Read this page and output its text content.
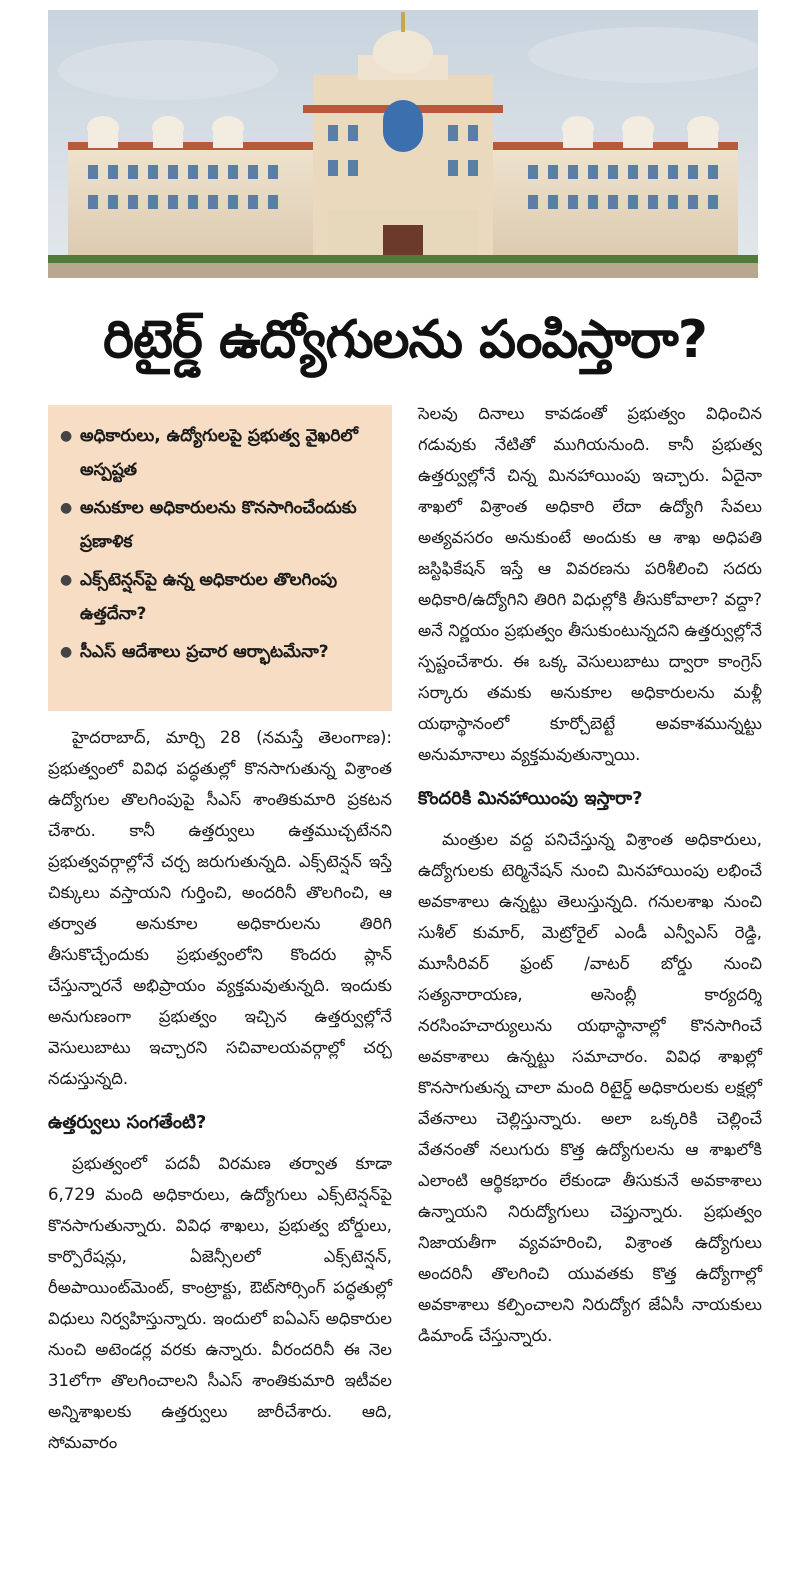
రిటైర్డ్ ఉద్యోగులను పంపిస్తారా?
● అధికారులు, ఉద్యోగులపై ప్రభుత్వ వైఖరిలో అస్పష్టత
● అనుకూల అధికారులను కొనసాగించేందుకు ప్రణాళిక
● ఎక్స్‌టెన్షన్‌పై ఉన్న అధికారుల తొలగింపు ఉత్తదేనా?
● సీఎస్ ఆదేశాలు ప్రచార ఆర్భాటమేనా?

హైదరాబాద్, మార్చి 28 (నమస్తే తెలంగాణ): ప్రభుత్వంలో వివిధ పద్ధతుల్లో కొనసాగుతున్న విశ్రాంత ఉద్యోగుల తొలగింపుపై సీఎస్ శాంతికుమారి ప్రకటన చేశారు. కానీ ఉత్తర్వులు ఉత్తముచ్చటేనని ప్రభుత్వవర్గాల్లోనే చర్చ జరుగుతున్నది. ఎక్స్‌టెన్షన్ ఇస్తే చిక్కులు వస్తాయని గుర్తించి, అందరినీ తొలగించి, ఆ తర్వాత అనుకూల అధికారులను తిరిగి తీసుకొచ్చేందుకు ప్రభుత్వంలోని కొందరు ప్లాన్ చేస్తున్నారనే అభిప్రాయం వ్యక్తమవుతున్నది. ఇందుకు అనుగుణంగా ప్రభుత్వం ఇచ్చిన ఉత్తర్వుల్లోనే వెసులుబాటు ఇచ్చారని సచివాలయవర్గాల్లో చర్చ నడుస్తున్నది.

ఉత్తర్వులు సంగతేంటి?

ప్రభుత్వంలో పదవీ విరమణ తర్వాత కూడా 6,729 మంది అధికారులు, ఉద్యోగులు ఎక్స్‌టెన్షన్‌పై కొనసాగుతున్నారు. వివిధ శాఖలు, ప్రభుత్వ బోర్డులు, కార్పొరేషన్లు, ఏజెన్సీలలో ఎక్స్‌టెన్షన్, రీఅపాయింట్‌మెంట్, కాంట్రాక్టు, ఔట్‌సోర్సింగ్ పద్ధతుల్లో విధులు నిర్వహిస్తున్నారు. ఇందులో ఐఏఎస్ అధికారుల నుంచి అటెండర్ల వరకు ఉన్నారు. వీరందరినీ ఈ నెల 31లోగా తొలగించాలని సీఎస్ శాంతికుమారి ఇటీవల అన్నిశాఖలకు ఉత్తర్వులు జారీచేశారు. ఆది, సోమవారం

సెలవు దినాలు కావడంతో ప్రభుత్వం విధించిన గడువుకు నేటితో ముగియనుంది. కానీ ప్రభుత్వ ఉత్తర్వుల్లోనే చిన్న మినహాయింపు ఇచ్చారు. ఏదైనా శాఖలో విశ్రాంత అధికారి లేదా ఉద్యోగి సేవలు అత్యవసరం అనుకుంటే అందుకు ఆ శాఖ అధిపతి జస్టిఫికేషన్ ఇస్తే ఆ వివరణను పరిశీలించి సదరు అధికారి/ఉద్యోగిని తిరిగి విధుల్లోకి తీసుకోవాలా? వద్దా? అనే నిర్ణయం ప్రభుత్వం తీసుకుంటున్నదని ఉత్తర్వుల్లోనే స్పష్టంచేశారు. ఈ ఒక్క వెసులుబాటు ద్వారా కాంగ్రెస్ సర్కారు తమకు అనుకూల అధికారులను మళ్లీ యథాస్థానంలో కూర్చోబెట్టే అవకాశమున్నట్టు అనుమానాలు వ్యక్తమవుతున్నాయి.

కొందరికి మినహాయింపు ఇస్తారా?

మంత్రుల వద్ద పనిచేస్తున్న విశ్రాంత అధికారులు, ఉద్యోగులకు టెర్మినేషన్ నుంచి మినహాయింపు లభించే అవకాశాలు ఉన్నట్టు తెలుస్తున్నది. గనులశాఖ నుంచి సుశీల్ కుమార్, మెట్రోరైల్ ఎండీ ఎన్వీఎస్ రెడ్డి, మూసీరివర్ ఫ్రంట్ /వాటర్ బోర్డు నుంచి సత్యనారాయణ, అసెంబ్లీ కార్యదర్శి నరసింహచార్యులును యథాస్థానాల్లో కొనసాగించే అవకాశాలు ఉన్నట్టు సమాచారం. వివిధ శాఖల్లో కొనసాగుతున్న చాలా మంది రిటైర్డ్ అధికారులకు లక్షల్లో వేతనాలు చెల్లిస్తున్నారు. అలా ఒక్కరికి చెల్లించే వేతనంతో నలుగురు కొత్త ఉద్యోగులను ఆ శాఖలోకి ఎలాంటి ఆర్థికభారం లేకుండా తీసుకునే అవకాశాలు ఉన్నాయని నిరుద్యోగులు చెప్తున్నారు. ప్రభుత్వం నిజాయతీగా వ్యవహరించి, విశ్రాంత ఉద్యోగులు అందరినీ తొలగించి యువతకు కొత్త ఉద్యోగాల్లో అవకాశాలు కల్పించాలని నిరుద్యోగ జేఏసీ నాయకులు డిమాండ్ చేస్తున్నారు.
